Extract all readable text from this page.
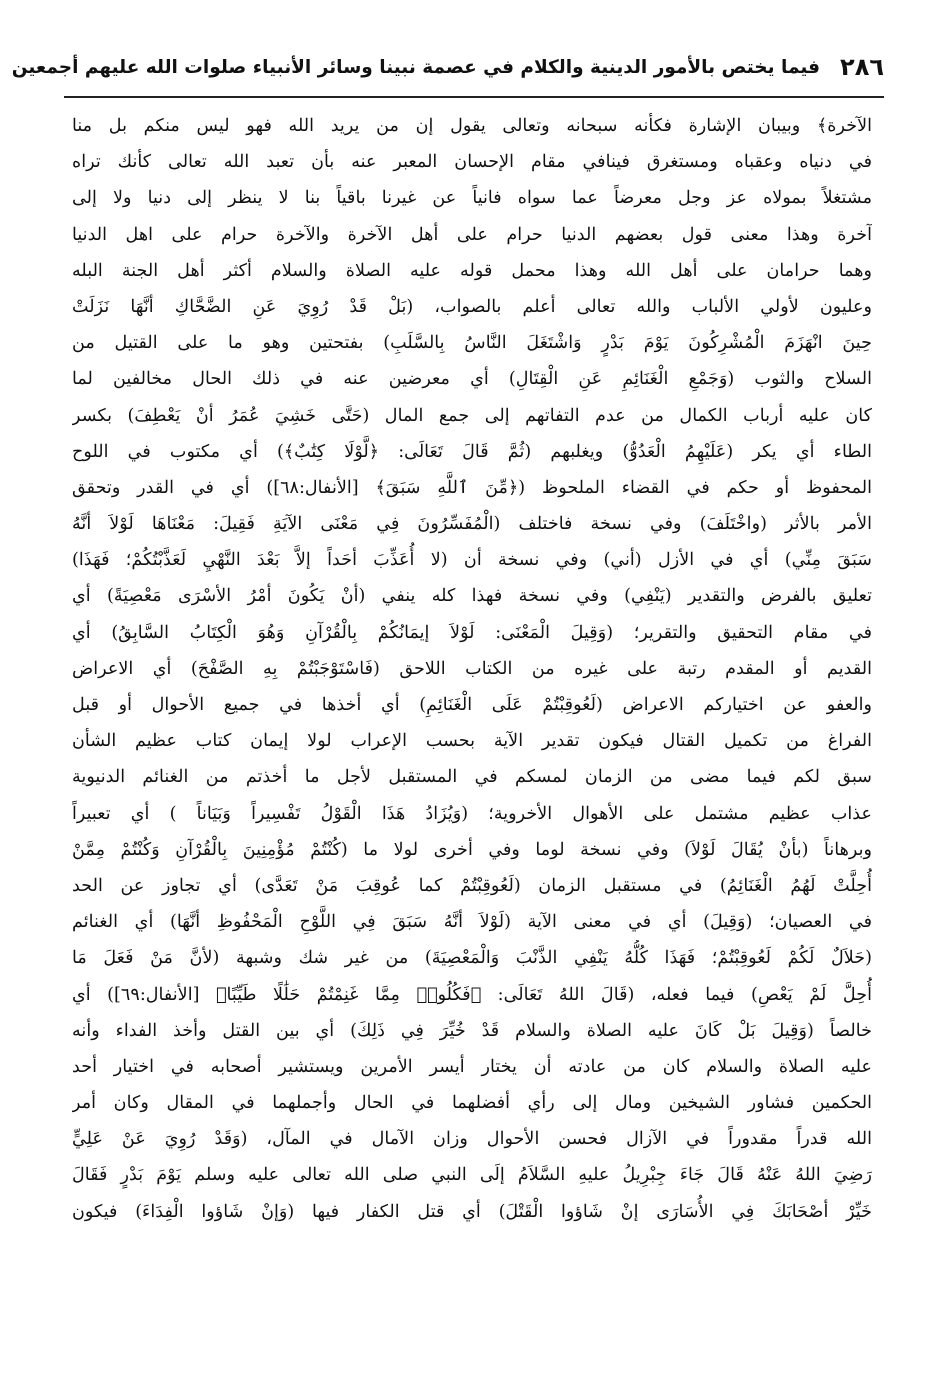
٢٨٦
فيما يختص بالأمور الدينية والكلام في عصمة نبينا وسائر الأنبياء صلوات الله عليهم أجمعين
الآخرة﴾ وبيبان الإشارة فكأنه سبحانه وتعالى يقول إن من يريد الله فهو ليس منكم بل منا
في دنياه وعقباه ومستغرق فينافي مقام الإحسان المعبر عنه بأن تعبد الله تعالى كأنك تراه
مشتغلاً بمولاه عز وجل معرضاً عما سواه فانياً عن غيرنا باقياً بنا لا ينظر إلى دنيا ولا إلى
آخرة وهذا معنى قول بعضهم الدنيا حرام على أهل الآخرة والآخرة حرام على اهل الدنيا
وهما حرامان على أهل الله وهذا محمل قوله عليه الصلاة والسلام أكثر أهل الجنة البله
وعليون لأولي الألباب والله تعالى أعلم بالصواب، (بَلْ قَدْ رُوِيَ عَنِ الضَّحَّاكِ أنَّهَا نَزَلَتْ
حِينَ انْهَزَمَ الْمُشْرِكُونَ يَوْمَ بَدْرٍ وَاشْتَغَلَ النَّاسُ بِالسَّلَبِ) بفتحتين وهو ما على القتيل من
السلاح والثوب (وَجَمْعِ الْغَنَائِمِ عَنِ الْقِتَالِ) أي معرضين عنه في ذلك الحال مخالفين لما
كان عليه أرباب الكمال من عدم التفاتهم إلى جمع المال (حَتَّى خَشِيَ عُمَرُ أنْ يَعْطِفَ) بكسر
الطاء أي يكر (عَلَيْهِمُ الْعَدُوُّ) ويغلبهم (ثُمَّ قَالَ تَعَالَى: ﴿لَّوْلَا كِتَٰبٌ﴾) أي مكتوب في اللوح
المحفوظ أو حكم في القضاء الملحوظ (﴿مِّنَ ٱللَّهِ سَبَقَ﴾ [الأنفال:٦٨]) أي في القدر وتحقق
الأمر بالأثر (واخْتَلَفَ) وفي نسخة فاختلف (الْمُفَسِّرُونَ فِي مَعْنَى الآيَةِ فَقِيلَ: مَعْنَاهَا لَوْلاَ أنَّهُ
سَبَقَ مِنِّي) أي في الأزل (أني) وفي نسخة أن (لا أُعَذِّبَ أحَداً إلاَّ بَعْدَ النَّهْيِ لَعَذَّبْتُكُمْ؛ فَهَذَا)
تعليق بالفرض والتقدير (يَنْفِي) وفي نسخة فهذا كله ينفي (أنْ يَكُونَ أمْرُ الأسْرَى مَعْصِيَةً) أي
في مقام التحقيق والتقرير؛ (وَقِيلَ الْمَعْنَى: لَوْلاَ إيمَانُكُمْ بِالْقُرْآنِ وَهُوَ الْكِتَابُ السَّابِقُ) أي
القديم أو المقدم رتبة على غيره من الكتاب اللاحق (فَاسْتَوْجَبْتُمْ بِهِ الصَّفْحَ) أي الاعراض
والعفو عن اختياركم الاعراض (لَعُوقِبْتُمْ عَلَى الْغَنَائِمِ) أي أخذها في جميع الأحوال أو قبل
الفراغ من تكميل القتال فيكون تقدير الآية بحسب الإعراب لولا إيمان كتاب عظيم الشأن
سبق لكم فيما مضى من الزمان لمسكم في المستقبل لأجل ما أخذتم من الغنائم الدنيوية
عذاب عظيم مشتمل على الأهوال الأخروية؛ (وَيُزَادُ هَذَا الْقَوْلُ تَفْسِيراً وَبَيَاناً ) أي تعبيراً
وبرهاناً (بأنْ يُقَالَ لَوْلاَ) وفي نسخة لوما وفي أخرى لولا ما (كُنْتُمْ مُؤْمِنِينَ بِالْقُرْآنِ وَكُنْتُمْ مِمَّنْ
أُحِلَّتْ لَهُمُ الْغَنَائِمُ) في مستقبل الزمان (لَعُوقِبْتُمْ كما عُوقِبَ مَنْ تَعَدَّى) أي تجاوز عن الحد
في العصيان؛ (وَقِيلَ) أي في معنى الآية (لَوْلاَ أنَّهُ سَبَقَ فِي اللَّوْحِ الْمَحْفُوظِ أنَّهَا) أي الغنائم
(حَلاَلٌ لَكُمْ لَعُوقِبْتُمْ؛ فَهَذَا كُلُّهُ يَنْفِي الذَّنْبَ وَالْمَعْصِيَةَ) من غير شك وشبهة (لأنَّ مَنْ فَعَلَ مَا
أُحِلَّ لَمْ يَعْصِ) فيما فعله، (قَالَ اللهُ تَعَالَى: ﴿فَكُلُوا۟ مِمَّا غَنِمْتُمْ حَلَٰلًا طَيِّبًا﴾ [الأنفال:٦٩]) أي
خالصاً (وَقِيلَ بَلْ كَانَ عليه الصلاة والسلام قَدْ خُيِّرَ فِي ذَلِكَ) أي بين القتل وأخذ الفداء وأنه
عليه الصلاة والسلام كان من عادته أن يختار أيسر الأمرين ويستشير أصحابه في اختيار أحد
الحكمين فشاور الشيخين ومال إلى رأي أفضلهما في الحال وأجملهما في المقال وكان أمر
الله قدراً مقدوراً في الآزال فحسن الأحوال وزان الآمال في المآل، (وَقَدْ رُوِيَ عَنْ عَلِيٍّ
رَضِيَ اللهُ عَنْهُ قَالَ جَاءَ جِبْرِيلُ عليهِ السَّلاَمُ إلَى النبي صلى الله تعالى عليه وسلم يَوْمَ بَدْرٍ فَقَالَ
خَيِّرْ أصْحَابَكَ فِي الأُسَارَى إنْ شَاؤوا الْقَتْلَ) أي قتل الكفار فيها (وَإنْ شَاؤوا الْفِدَاءَ) فيكون
